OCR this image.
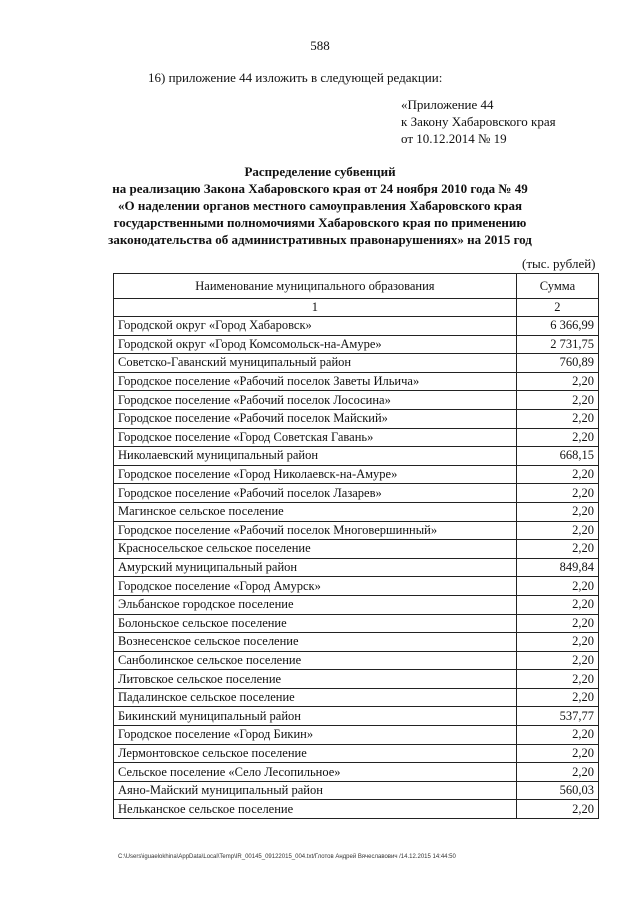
588
16) приложение 44 изложить в следующей редакции:
«Приложение 44
к Закону Хабаровского края
от 10.12.2014 № 19
Распределение субвенций
на реализацию Закона Хабаровского края от 24 ноября 2010 года № 49
«О наделении органов местного самоуправления Хабаровского края
государственными полномочиями Хабаровского края по применению
законодательства об административных правонарушениях» на 2015 год
(тыс. рублей)
Наименование муниципального образования	Сумма
1	2
Городской округ «Город Хабаровск»	6 366,99
Городской округ «Город Комсомольск-на-Амуре»	2 731,75
Советско-Гаванский муниципальный район	760,89
Городское поселение «Рабочий поселок Заветы Ильича»	2,20
Городское поселение «Рабочий поселок Лососина»	2,20
Городское поселение «Рабочий поселок Майский»	2,20
Городское поселение «Город Советская Гавань»	2,20
Николаевский муниципальный район	668,15
Городское поселение «Город Николаевск-на-Амуре»	2,20
Городское поселение «Рабочий поселок Лазарев»	2,20
Магинское сельское поселение	2,20
Городское поселение «Рабочий поселок Многовершинный»	2,20
Красносельское сельское поселение	2,20
Амурский муниципальный район	849,84
Городское поселение «Город Амурск»	2,20
Эльбанское городское поселение	2,20
Болоньское сельское поселение	2,20
Вознесенское сельское поселение	2,20
Санболинское сельское поселение	2,20
Литовское сельское поселение	2,20
Падалинское сельское поселение	2,20
Бикинский муниципальный район	537,77
Городское поселение «Город Бикин»	2,20
Лермонтовское сельское поселение	2,20
Сельское поселение «Село Лесопильное»	2,20
Аяно-Майский муниципальный район	560,03
Нельканское сельское поселение	2,20
C:\Users\iguaelokhina\AppData\Local\Temp\IR_00145_09122015_004.txt/Глотов Андрей Вячеславович /14.12.2015 14:44:50
